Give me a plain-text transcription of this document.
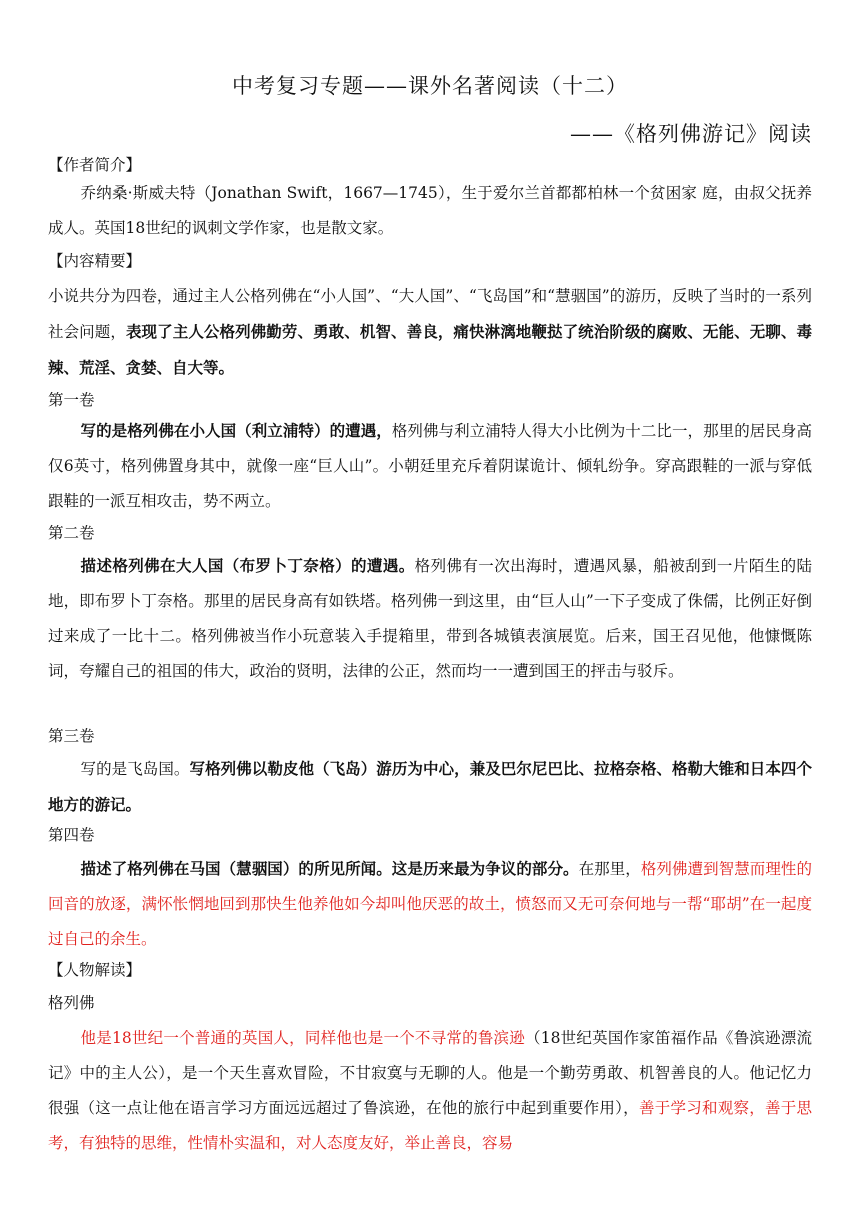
中考复习专题——课外名著阅读（十二）
——《格列佛游记》阅读
【作者简介】
乔纳桑·斯威夫特（Jonathan Swift，1667—1745），生于爱尔兰首都都柏林一个贫困家 庭，由叔父抚养成人。英国18世纪的讽刺文学作家，也是散文家。
【内容精要】
小说共分为四卷，通过主人公格列佛在“小人国”、“大人国”、“飞岛国”和“慧骃国”的游历，反映了当时的一系列社会问题，表现了主人公格列佛勤劳、勇敢、机智、善良，痛快淋漓地鞭挞了统治阶级的腐败、无能、无聊、毒辣、荒淫、贪婪、自大等。
第一卷
写的是格列佛在小人国（利立浦特）的遭遇，格列佛与利立浦特人得大小比例为十二比一，那里的居民身高仅6英寸，格列佛置身其中，就像一座“巨人山”。小朝廷里充斥着阴谋诡计、倾轧纷争。穿高跟鞋的一派与穿低跟鞋的一派互相攻击，势不两立。
第二卷
描述格列佛在大人国（布罗卜丁奈格）的遭遇。格列佛有一次出海时，遭遇风暴，船被刮到一片陌生的陆地，即布罗卜丁奈格。那里的居民身高有如铁塔。格列佛一到这里，由“巨人山”一下子变成了侏儒，比例正好倒过来成了一比十二。格列佛被当作小玩意装入手提箱里，带到各城镇表演展览。后来，国王召见他，他慷慨陈词，夸耀自己的祖国的伟大，政治的贤明，法律的公正，然而均一一遭到国王的抨击与驳斥。
第三卷
写的是飞岛国。写格列佛以勒皮他（飞岛）游历为中心，兼及巴尔尼巴比、拉格奈格、格勒大锥和日本四个地方的游记。
第四卷
描述了格列佛在马国（慧骃国）的所见所闻。这是历来最为争议的部分。在那里，格列佛遭到智慧而理性的回音的放逐，满怀怅惘地回到那快生他养他如今却叫他厌恶的故土，愤怒而又无可奈何地与一帮“耶胡”在一起度过自己的余生。
【人物解读】
格列佛
他是18世纪一个普通的英国人，同样他也是一个不寻常的鲁滨逊（18世纪英国作家笛福作品《鲁滨逊漂流记》中的主人公），是一个天生喜欢冒险，不甘寂寞与无聊的人。他是一个勤劳勇敢、机智善良的人。他记忆力很强（这一点让他在语言学习方面远远超过了鲁滨逊，在他的旅行中起到重要作用），善于学习和观察，善于思考，有独特的思维，性情朴实温和，对人态度友好，举止善良，容易
